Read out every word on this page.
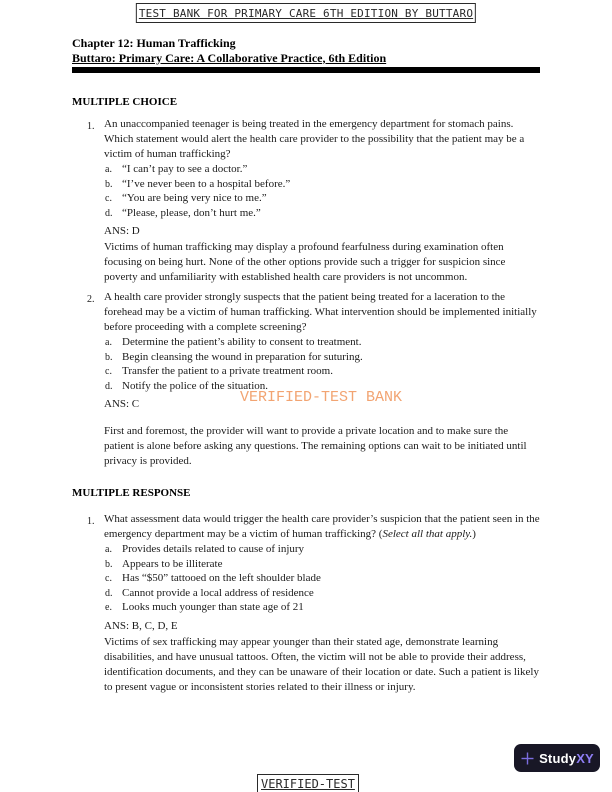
TEST BANK FOR PRIMARY CARE 6TH EDITION BY BUTTARO
Chapter 12: Human Trafficking
Buttaro: Primary Care: A Collaborative Practice, 6th Edition
MULTIPLE CHOICE
1. An unaccompanied teenager is being treated in the emergency department for stomach pains. Which statement would alert the health care provider to the possibility that the patient may be a victim of human trafficking?
a. “I can’t pay to see a doctor.”
b. “I’ve never been to a hospital before.”
c. “You are being very nice to me.”
d. “Please, please, don’t hurt me.”
ANS: D
Victims of human trafficking may display a profound fearfulness during examination often focusing on being hurt. None of the other options provide such a trigger for suspicion since poverty and unfamiliarity with established health care providers is not uncommon.
2. A health care provider strongly suspects that the patient being treated for a laceration to the forehead may be a victim of human trafficking. What intervention should be implemented initially before proceeding with a complete screening?
a. Determine the patient’s ability to consent to treatment.
b. Begin cleansing the wound in preparation for suturing.
c. Transfer the patient to a private treatment room.
d. Notify the police of the situation.
ANS: C	VERIFIED-TEST BANK
First and foremost, the provider will want to provide a private location and to make sure the patient is alone before asking any questions. The remaining options can wait to be initiated until privacy is provided.
MULTIPLE RESPONSE
1. What assessment data would trigger the health care provider’s suspicion that the patient seen in the emergency department may be a victim of human trafficking? (Select all that apply.)
a. Provides details related to cause of injury
b. Appears to be illiterate
c. Has “$50” tattooed on the left shoulder blade
d. Cannot provide a local address of residence
e. Looks much younger than state age of 21
ANS: B, C, D, E
Victims of sex trafficking may appear younger than their stated age, demonstrate learning disabilities, and have unusual tattoos. Often, the victim will not be able to provide their address, identification documents, and they can be unaware of their location or date. Such a patient is likely to present vague or inconsistent stories related to their illness or injury.
Study XY
VERIFIED-TEST
